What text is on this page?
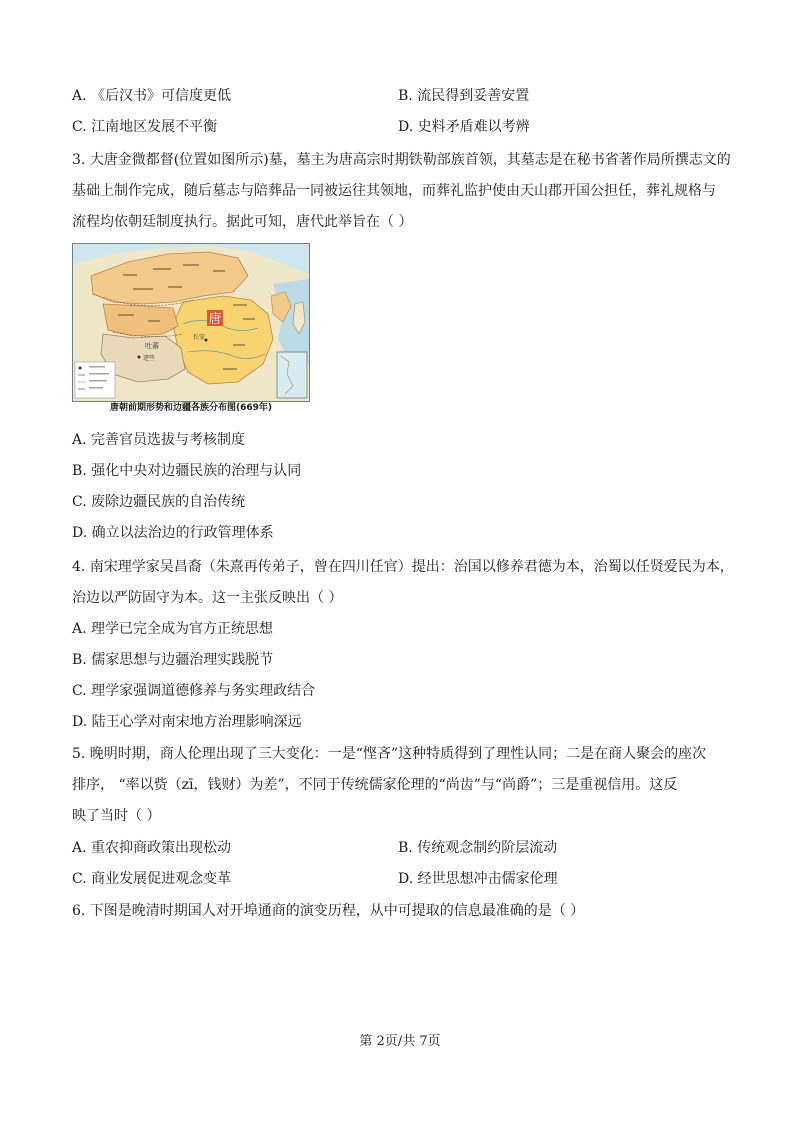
A. 《后汉书》可信度更低	B. 流民得到妥善安置
C. 江南地区发展不平衡	D. 史料矛盾难以考辨
3. 大唐金微都督(位置如图所示)墓，墓主为唐高宗时期铁勒部族首领，其墓志是在秘书省著作局所撰志文的
基础上制作完成，随后墓志与陪葬品一同被运往其领地，而葬礼监护使由天山郡开国公担任，葬礼规格与
流程均依朝廷制度执行。据此可知，唐代此举旨在（ ）
唐
吐蕃
逻些
长安
唐朝前期形势和边疆各族分布图(669年)
A. 完善官员选拔与考核制度
B. 强化中央对边疆民族的治理与认同
C. 废除边疆民族的自治传统
D. 确立以法治边的行政管理体系
4. 南宋理学家吴昌裔（朱熹再传弟子，曾在四川任官）提出：治国以修养君德为本，治蜀以任贤爱民为本，
治边以严防固守为本。这一主张反映出（ ）
A. 理学已完全成为官方正统思想
B. 儒家思想与边疆治理实践脱节
C. 理学家强调道德修养与务实理政结合
D. 陆王心学对南宋地方治理影响深远
5. 晚明时期，商人伦理出现了三大变化：一是“悭吝”这种特质得到了理性认同；二是在商人聚会的座次
排序， “率以赀（zī，钱财）为差”，不同于传统儒家伦理的“尚齿”与“尚爵”；三是重视信用。这反
映了当时（ ）
A. 重农抑商政策出现松动	B. 传统观念制约阶层流动
C. 商业发展促进观念变革	D. 经世思想冲击儒家伦理
6. 下图是晚清时期国人对开埠通商的演变历程，从中可提取的信息最准确的是（ ）
第 2页/共 7页
